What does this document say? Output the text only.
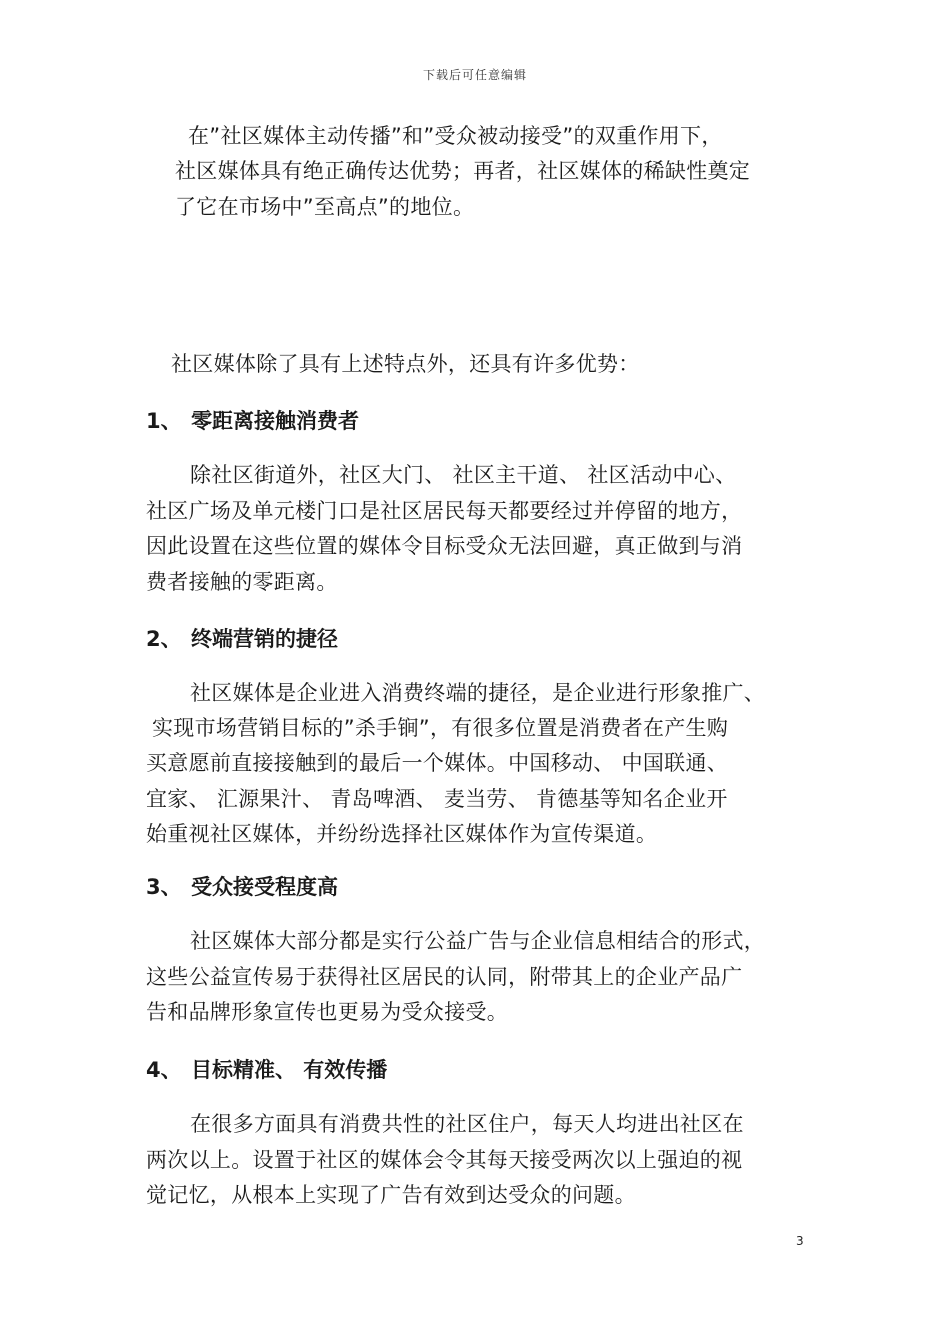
下载后可任意编辑
在”社区媒体主动传播”和”受众被动接受”的双重作用下，
社区媒体具有绝正确传达优势；再者，社区媒体的稀缺性奠定
了它在市场中”至高点”的地位。
社区媒体除了具有上述特点外，还具有许多优势：
1、 零距离接触消费者
除社区街道外，社区大门、 社区主干道、 社区活动中心、
社区广场及单元楼门口是社区居民每天都要经过并停留的地方，
因此设置在这些位置的媒体令目标受众无法回避，真正做到与消
费者接触的零距离。
2、 终端营销的捷径
社区媒体是企业进入消费终端的捷径，是企业进行形象推广、
实现市场营销目标的”杀手锏”，有很多位置是消费者在产生购
买意愿前直接接触到的最后一个媒体。中国移动、 中国联通、
宜家、 汇源果汁、 青岛啤酒、 麦当劳、 肯德基等知名企业开
始重视社区媒体，并纷纷选择社区媒体作为宣传渠道。
3、 受众接受程度高
社区媒体大部分都是实行公益广告与企业信息相结合的形式，
这些公益宣传易于获得社区居民的认同，附带其上的企业产品广
告和品牌形象宣传也更易为受众接受。
4、 目标精准、 有效传播
在很多方面具有消费共性的社区住户，每天人均进出社区在
两次以上。设置于社区的媒体会令其每天接受两次以上强迫的视
觉记忆，从根本上实现了广告有效到达受众的问题。
3
